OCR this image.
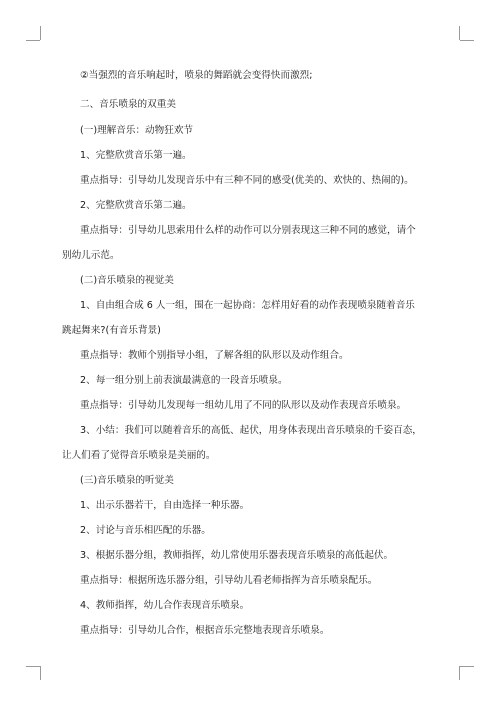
②当强烈的音乐响起时，喷泉的舞蹈就会变得快而激烈;
二、音乐喷泉的双重美
(一)理解音乐：动物狂欢节
1、完整欣赏音乐第一遍。
重点指导：引导幼儿发现音乐中有三种不同的感受(优美的、欢快的、热闹的)。
2、完整欣赏音乐第二遍。
重点指导：引导幼儿思索用什么样的动作可以分别表现这三种不同的感觉，请个
别幼儿示范。
(二)音乐喷泉的视觉美
1、自由组合成 6 人一组，围在一起协商：怎样用好看的动作表现喷泉随着音乐
跳起舞来?(有音乐背景)
重点指导：教师个别指导小组，了解各组的队形以及动作组合。
2、每一组分别上前表演最满意的一段音乐喷泉。
重点指导：引导幼儿发现每一组幼儿用了不同的队形以及动作表现音乐喷泉。
3、小结：我们可以随着音乐的高低、起伏，用身体表现出音乐喷泉的千姿百态，
让人们看了觉得音乐喷泉是美丽的。
(三)音乐喷泉的听觉美
1、出示乐器若干，自由选择一种乐器。
2、讨论与音乐相匹配的乐器。
3、根据乐器分组，教师指挥，幼儿常使用乐器表现音乐喷泉的高低起伏。
重点指导：根据所选乐器分组，引导幼儿看老师指挥为音乐喷泉配乐。
4、教师指挥，幼儿合作表现音乐喷泉。
重点指导：引导幼儿合作，根据音乐完整地表现音乐喷泉。
